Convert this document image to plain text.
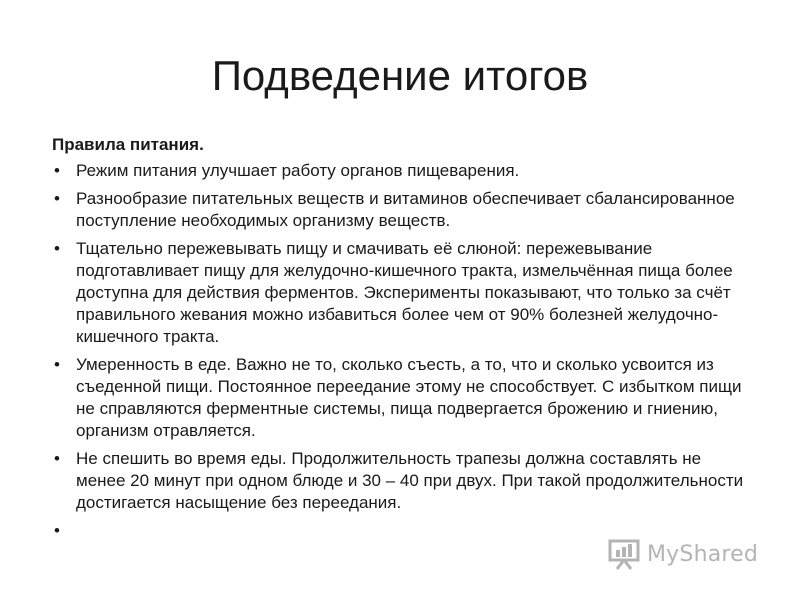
Подведение итогов
Правила питания.
• Режим питания улучшает работу органов пищеварения.
• Разнообразие питательных веществ и витаминов обеспечивает сбалансированное поступление необходимых организму веществ.
• Тщательно пережевывать пищу и смачивать её слюной: пережевывание подготавливает пищу для желудочно-кишечного тракта, измельчённая пища более доступна для действия ферментов. Эксперименты показывают, что только за счёт правильного жевания можно избавиться более чем от 90% болезней желудочно-кишечного тракта.
• Умеренность в еде. Важно не то, сколько съесть, а то, что и сколько усвоится из съеденной пищи. Постоянное переедание этому не способствует. С избытком пищи не справляются ферментные системы, пища подвергается брожению и гниению, организм отравляется.
• Не спешить во время еды. Продолжительность трапезы должна составлять не менее 20 минут при одном блюде и 30 – 40 при двух. При такой продолжительности достигается насыщение без переедания.
•
MyShared
